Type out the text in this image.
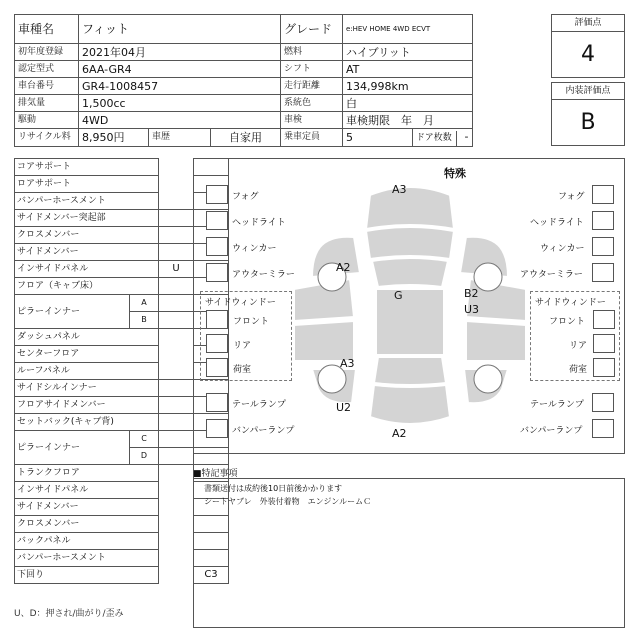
車種名	フィット			グレード	e:HEV HOME 4WD ECVT	
初年度登録	2021年04月			燃料	ハイブリット	
認定型式	6AA-GR4			シフト	AT	
車台番号	GR4-1008457			走行距離	134,998km	
排気量	1,500cc			系統色	白	
駆動	4WD			車検	車検期限　年　月	
リサイクル料	8,950円	車歴	自家用	乗車定員	5	ドア枚数 -
評価点
4
内装評価点
B
コアサポート			
ロアサポート			
バンパーホースメント			
サイドメンバー突起部			
クロスメンバー			
サイドメンバー			
インサイドパネル		U	
フロア（キャブ床）			
ピラーインナー	A		
	B		
ダッシュパネル			
センターフロア			
ルーフパネル			
サイドシルインナー			
フロアサイドメンバー			
セットバック(キャブ背)			
ピラーインナー	C		
	D		
トランクフロア			
インサイドパネル			
サイドメンバー			
クロスメンバー			
バックパネル			
バンパーホースメント			
下回り			C3
U、D：押され/曲がり/歪み
特殊
フォグ
ヘッドライト
ウィンカー
アウターミラー
サイドウィンドー
フロント
リア
荷室
テールランプ
バンパーランプ
フォグ
ヘッドライト
ウィンカー
アウターミラー
サイドウィンドー
フロント
リア
荷室
テールランプ
バンパーランプ
A3
A2
G	B2
U3
A3
U2
A2
■特記事項
書類送付は成約後10日前後かかります
シートヤブレ　外装付着物　エンジンルームＣ
